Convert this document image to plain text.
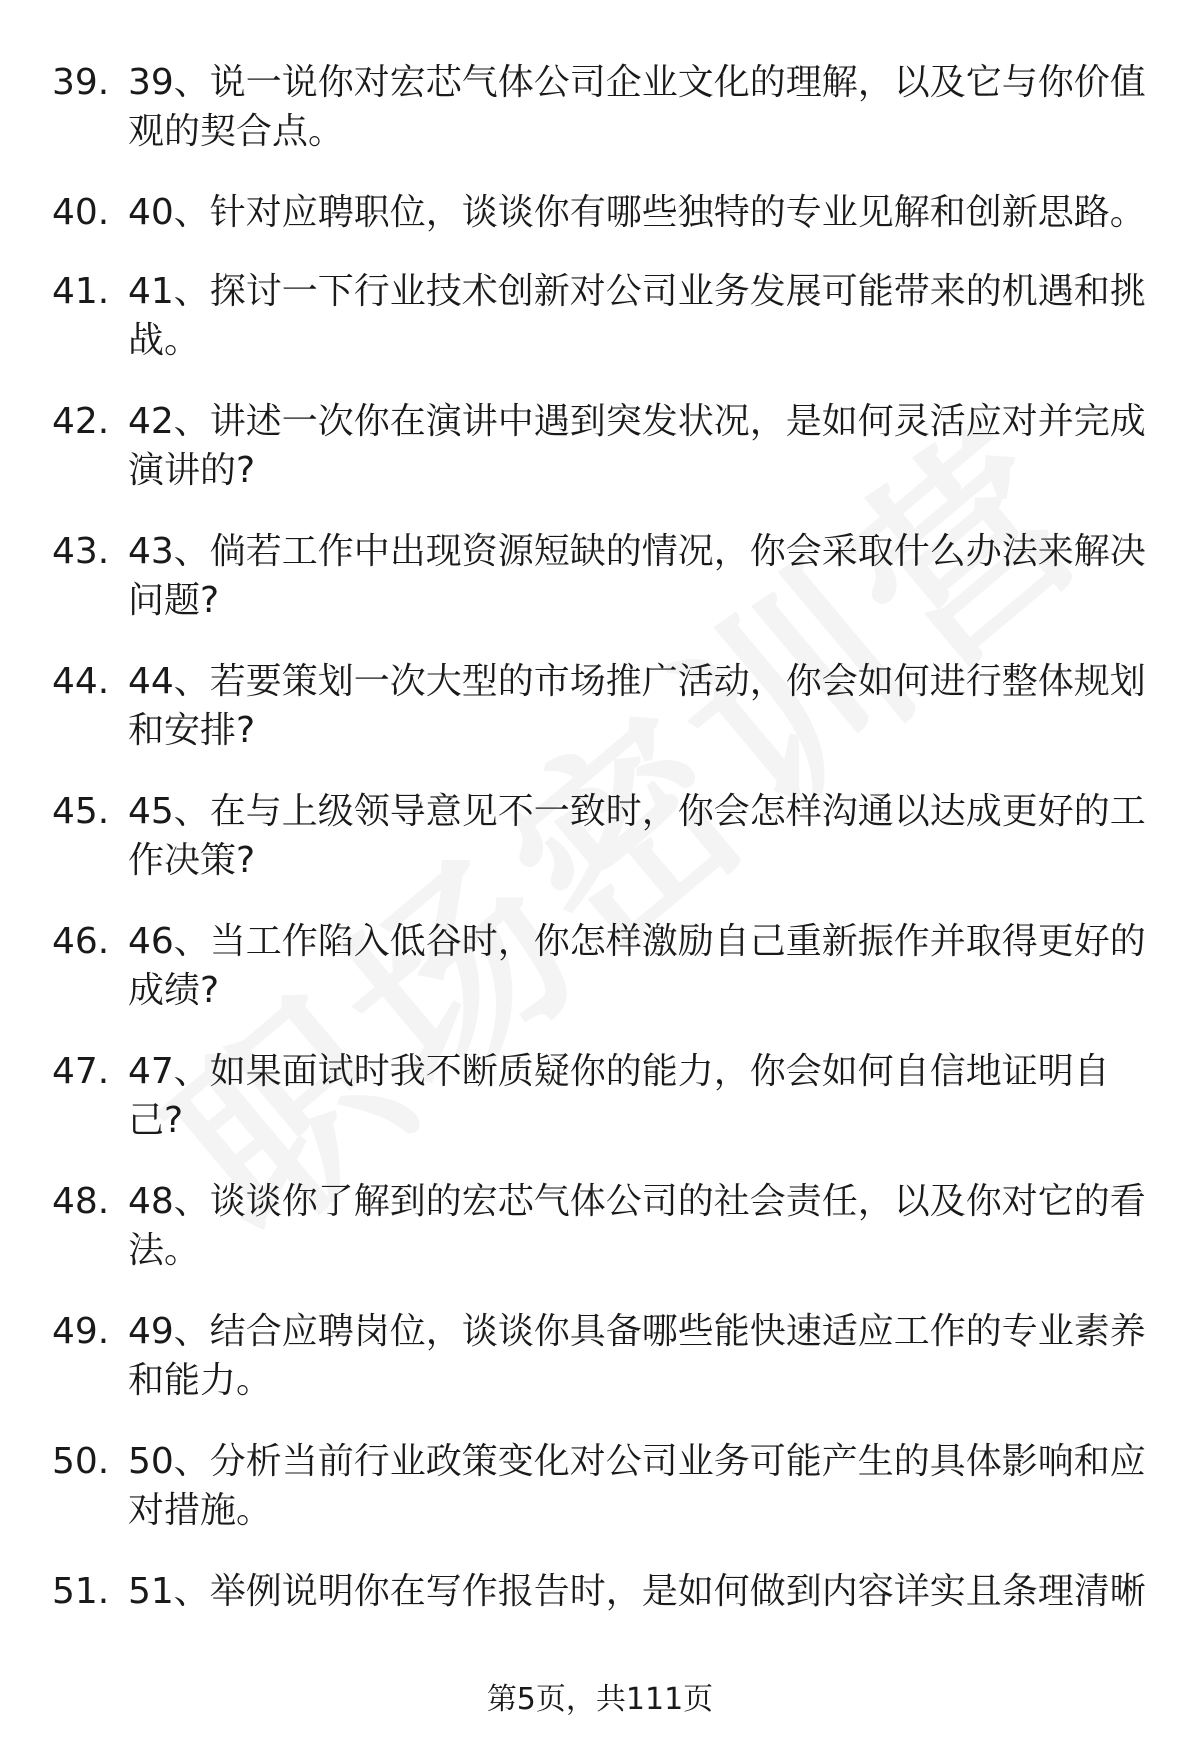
39. 39、说一说你对宏芯气体公司企业文化的理解，以及它与你价值观的契合点。
40. 40、针对应聘职位，谈谈你有哪些独特的专业见解和创新思路。
41. 41、探讨一下行业技术创新对公司业务发展可能带来的机遇和挑战。
42. 42、讲述一次你在演讲中遇到突发状况，是如何灵活应对并完成演讲的?
43. 43、倘若工作中出现资源短缺的情况，你会采取什么办法来解决问题?
44. 44、若要策划一次大型的市场推广活动，你会如何进行整体规划和安排?
45. 45、在与上级领导意见不一致时，你会怎样沟通以达成更好的工作决策?
46. 46、当工作陷入低谷时，你怎样激励自己重新振作并取得更好的成绩?
47. 47、如果面试时我不断质疑你的能力，你会如何自信地证明自己?
48. 48、谈谈你了解到的宏芯气体公司的社会责任，以及你对它的看法。
49. 49、结合应聘岗位，谈谈你具备哪些能快速适应工作的专业素养和能力。
50. 50、分析当前行业政策变化对公司业务可能产生的具体影响和应对措施。
51. 51、举例说明你在写作报告时，是如何做到内容详实且条理清晰
第5页，共111页
